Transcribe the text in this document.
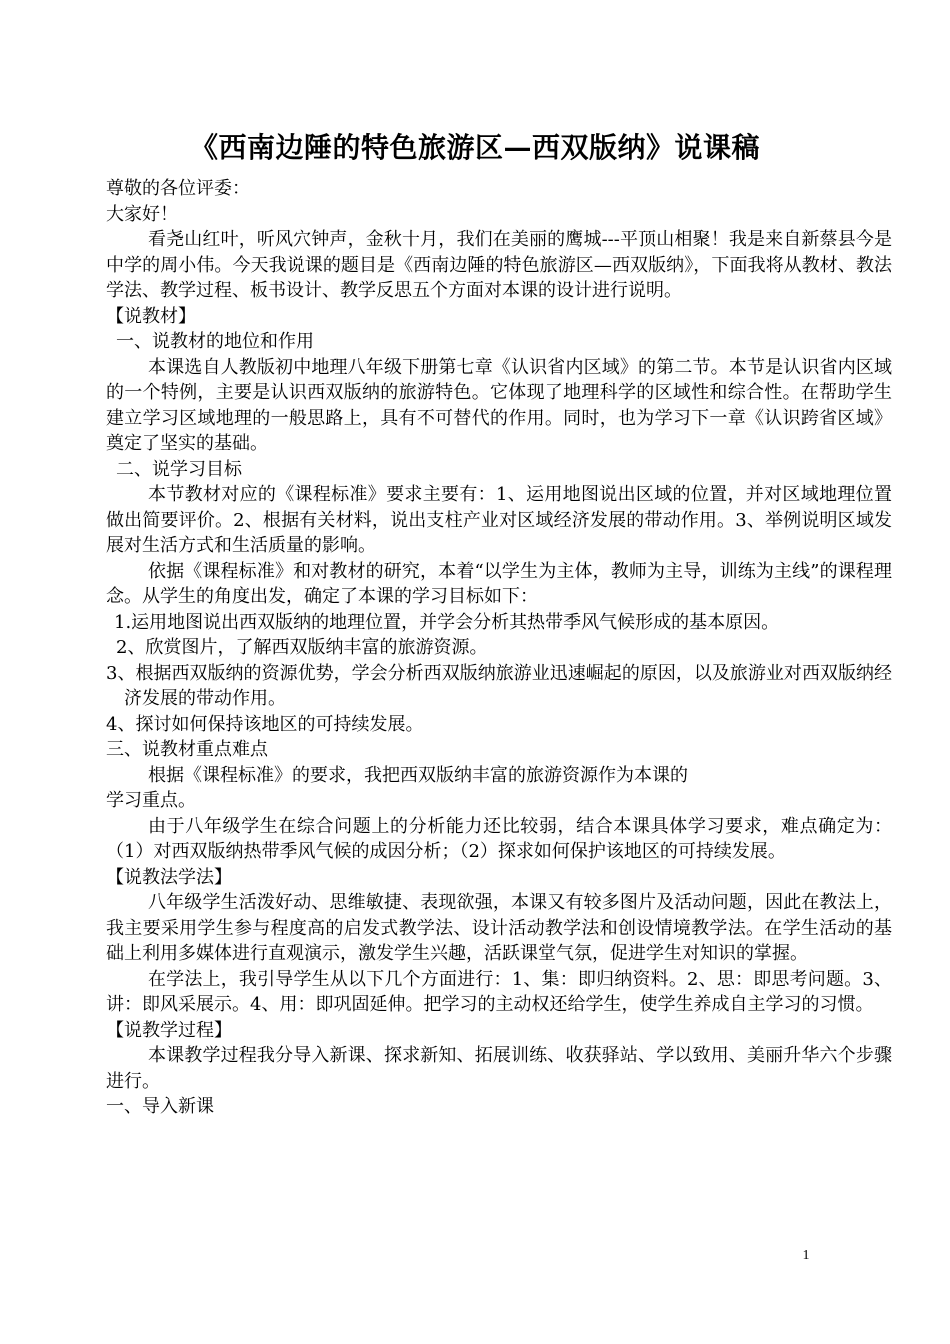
《西南边陲的特色旅游区—西双版纳》说课稿

尊敬的各位评委：

大家好！

看尧山红叶，听风穴钟声，金秋十月，我们在美丽的鹰城---平顶山相聚！我是来自新蔡县今是中学的周小伟。今天我说课的题目是《西南边陲的特色旅游区—西双版纳》，下面我将从教材、教法学法、教学过程、板书设计、教学反思五个方面对本课的设计进行说明。

【说教材】

一、说教材的地位和作用

本课选自人教版初中地理八年级下册第七章《认识省内区域》的第二节。本节是认识省内区域的一个特例，主要是认识西双版纳的旅游特色。它体现了地理科学的区域性和综合性。在帮助学生建立学习区域地理的一般思路上，具有不可替代的作用。同时，也为学习下一章《认识跨省区域》奠定了坚实的基础。

二、说学习目标

本节教材对应的《课程标准》要求主要有：1、运用地图说出区域的位置，并对区域地理位置做出简要评价。2、根据有关材料，说出支柱产业对区域经济发展的带动作用。3、举例说明区域发展对生活方式和生活质量的影响。

依据《课程标准》和对教材的研究，本着“以学生为主体，教师为主导，训练为主线”的课程理念。从学生的角度出发，确定了本课的学习目标如下：

1.运用地图说出西双版纳的地理位置，并学会分析其热带季风气候形成的基本原因。

2、欣赏图片，了解西双版纳丰富的旅游资源。

3、根据西双版纳的资源优势，学会分析西双版纳旅游业迅速崛起的原因，以及旅游业对西双版纳经济发展的带动作用。

4、探讨如何保持该地区的可持续发展。

三、说教材重点难点

根据《课程标准》的要求，我把西双版纳丰富的旅游资源作为本课的

学习重点。

由于八年级学生在综合问题上的分析能力还比较弱，结合本课具体学习要求，难点确定为：（1）对西双版纳热带季风气候的成因分析；（2）探求如何保护该地区的可持续发展。

【说教法学法】

八年级学生活泼好动、思维敏捷、表现欲强，本课又有较多图片及活动问题，因此在教法上，我主要采用学生参与程度高的启发式教学法、设计活动教学法和创设情境教学法。在学生活动的基础上利用多媒体进行直观演示，激发学生兴趣，活跃课堂气氛，促进学生对知识的掌握。

在学法上，我引导学生从以下几个方面进行：1、集：即归纳资料。2、思：即思考问题。3、讲：即风采展示。4、用：即巩固延伸。把学习的主动权还给学生，使学生养成自主学习的习惯。

【说教学过程】

本课教学过程我分导入新课、探求新知、拓展训练、收获驿站、学以致用、美丽升华六个步骤进行。

一、导入新课

1
